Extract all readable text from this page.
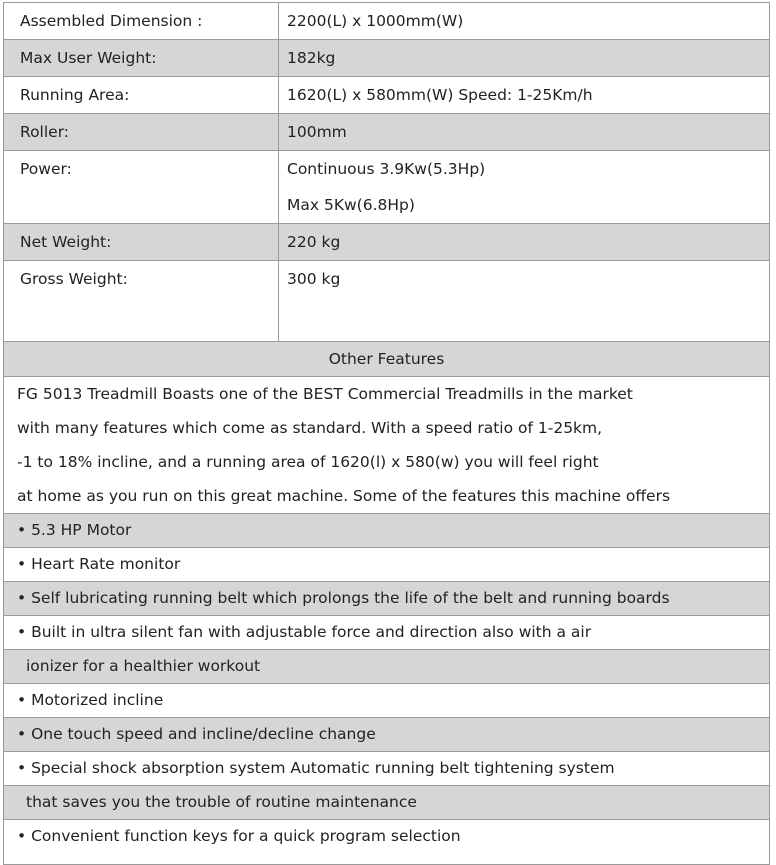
Assembled Dimension :	2200(L) x 1000mm(W)

Max User Weight:	182kg

Running Area:	1620(L) x 580mm(W) Speed: 1-25Km/h

Roller:	100mm

Power:	Continuous 3.9Kw(5.3Hp)
Max 5Kw(6.8Hp)

Net Weight:	220 kg

Gross Weight:	300 kg

Other Features	

FG 5013 Treadmill Boasts one of the BEST Commercial Treadmills in the market
with many features which come as standard. With a speed ratio of 1-25km,
-1 to 18% incline, and a running area of 1620(l) x 580(w) you will feel right
at home as you run on this great machine. Some of the features this machine offers	

• 5.3 HP Motor	
• Heart Rate monitor	
• Self lubricating running belt which prolongs the life of the belt and running boards	
• Built in ultra silent fan with adjustable force and direction also with a air	
ionizer for a healthier workout	
• Motorized incline	
• One touch speed and incline/decline change	
• Special shock absorption system Automatic running belt tightening system	
that saves you the trouble of routine maintenance	
• Convenient function keys for a quick program selection	
